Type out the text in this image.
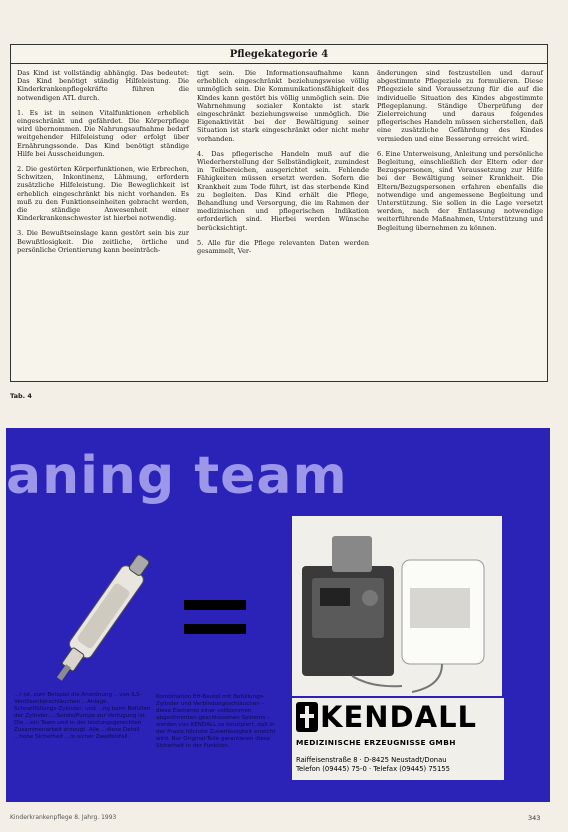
Pflegekategorie 4

Das Kind ist vollständig abhängig. Das bedeutet: Das Kind benötigt ständig Hilfeleistung. Die Kinderkrankenpflegekräfte führen die notwendigen ATL durch.

1. Es ist in seinen Vitalfunktionen erheblich eingeschränkt und gefährdet. Die Körperpflege wird übernommen. Die Nahrungsaufnahme bedarf weitgehender Hilfeleistung oder erfolgt über Ernährungssonde. Das Kind benötigt ständige Hilfe bei Ausscheidungen.

2. Die gestörten Körperfunktionen, wie Erbrechen, Schwitzen, Inkontinenz, Lähmung, erfordern zusätzliche Hilfeleistung. Die Beweglichkeit ist erheblich eingeschränkt bis nicht vorhanden. Es muß zu den Funktionseinheiten gebracht werden, die ständige Anwesenheit einer Kinderkrankenschwester ist hierbei notwendig.

3. Die Bewußtseinslage kann gestört sein bis zur Bewußtlosigkeit. Die zeitliche, örtliche und persönliche Orientierung kann beeinträch-

tigt sein. Die Informationsaufnahme kann erheblich eingeschränkt beziehungsweise völlig unmöglich sein. Die Kommunikationsfähigkeit des Kindes kann gestört bis völlig unmöglich sein. Die Wahrnehmung sozialer Kontakte ist stark eingeschränkt beziehungsweise unmöglich. Die Eigenaktivität bei der Bewältigung seiner Situation ist stark eingeschränkt oder nicht mehr vorhanden.

4. Das pflegerische Handeln muß auf die Wiederherstellung der Selbständigkeit, zumindest in Teilbereichen, ausgerichtet sein. Fehlende Fähigkeiten müssen ersetzt werden. Sofern die Krankheit zum Tode führt, ist das sterbende Kind zu begleiten. Das Kind erhält die Pflege, Behandlung und Versorgung, die im Rahmen der medizinischen und pflegerischen Indikation erforderlich sind. Hierbei werden Wünsche berücksichtigt.

5. Alle für die Pflege relevanten Daten werden gesammelt, Ver-

änderungen sind festzustellen und darauf abgestimmte Pflegeziele zu formulieren. Diese Pflegeziele sind Voraussetzung für die auf die individuelle Situation des Kindes abgestimmte Pflegeplanung. Ständige Überprüfung der Zielerreichung und daraus folgendes pflegerisches Handeln müssen sicherstellen, daß eine zusätzliche Gefährdung des Kindes vermieden und eine Besserung erreicht wird.

6. Eine Unterweisung, Anleitung und persönliche Begleitung, einschließlich der Eltern oder der Bezugspersonen, sind Voraussetzung zur Hilfe bei der Bewältigung seiner Krankheit. Die Eltern/Bezugspersonen erfahren ebenfalls die notwendige und angemessene Begleitung und Unterstützung. Sie sollen in die Lage versetzt werden, nach der Entlassung notwendige weiterführende Maßnahmen, Unterstützung und Begleitung übernehmen zu können.

Tab. 4
aning team
...r ist, zum Beispiel die Anordnung ...von ILS-Ventilsenkerschläuchen ...Anlage, Schnellfüllungs-Zylinder, und ...ng beim Befüllen der Zylinder. ...Sonde/Pumpe zur Verfügung ist. Die ...ein Team und in der leistungsgerechten Zusammenarbeit erzeugt. Alle ...diese Detail ...hohe Sicherheit ...in sicher Zweifelsfall.
Kombination EH-Beutel mit Befüllungs-Zylinder und Verbindungsschläuchen – diese Elemente einer vollkommen abgestimmten geschlossenen Systems – werden von KENDALL so konzipiert, daß in der Praxis höchste Zuverlässigkeit erreicht wird. Nur Original-Teile garantieren diese Sicherheit in der Funktion.
KENDALL
MEDIZINISCHE ERZEUGNISSE GMBH
Raiffeisenstraße 8 · D-8425 Neustadt/Donau
Telefon (09445) 75-0 · Telefax (09445) 75155
Kinderkrankenpflege 8. Jahrg. 1993	343
